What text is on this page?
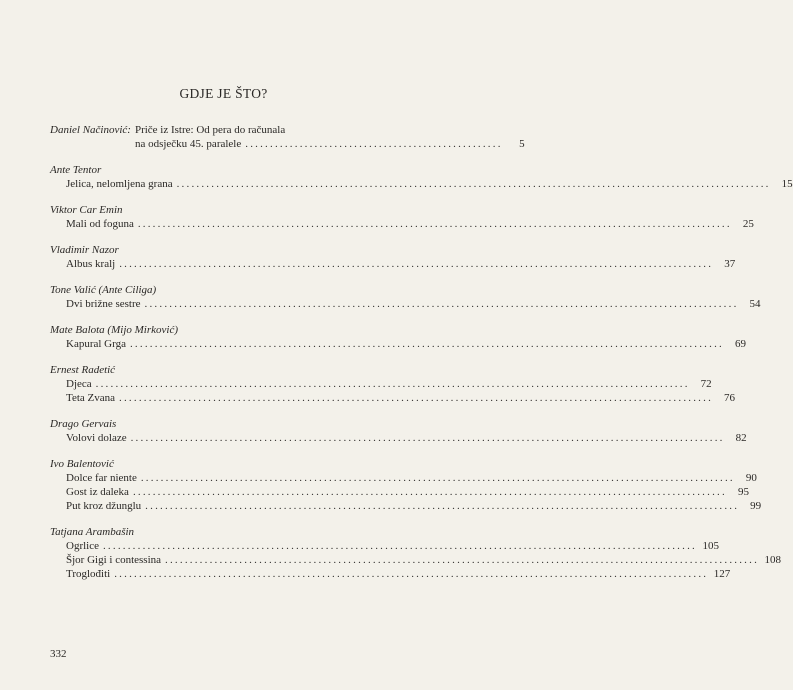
GDJE JE ŠTO?
Daniel Načinović: Priče iz Istre: Od pera do računala
na odsječku 45. paralele ....................................................	5
Ante Tentor
Jelica, nelomljena grana ........................................................................................................................	15
Viktor Car Emin
Mali od foguna ........................................................................................................................	25
Vladimir Nazor
Albus kralj ........................................................................................................................	37
Tone Valić (Ante Ciliga)
Dvi brižne sestre ........................................................................................................................	54
Mate Balota (Mijo Mirković)
Kapural Grga ........................................................................................................................	69
Ernest Radetić
Djeca ........................................................................................................................	72
Teta Zvana ........................................................................................................................	76
Drago Gervais
Volovi dolaze ........................................................................................................................	82
Ivo Balentović
Dolce far niente ........................................................................................................................	90
Gost iz daleka ........................................................................................................................	95
Put kroz džunglu ........................................................................................................................	99
Tatjana Arambašin
Ogrlice ........................................................................................................................ 105
Šjor Gigi i contessina ........................................................................................................................ 108
Troglođiti ........................................................................................................................ 127
332
